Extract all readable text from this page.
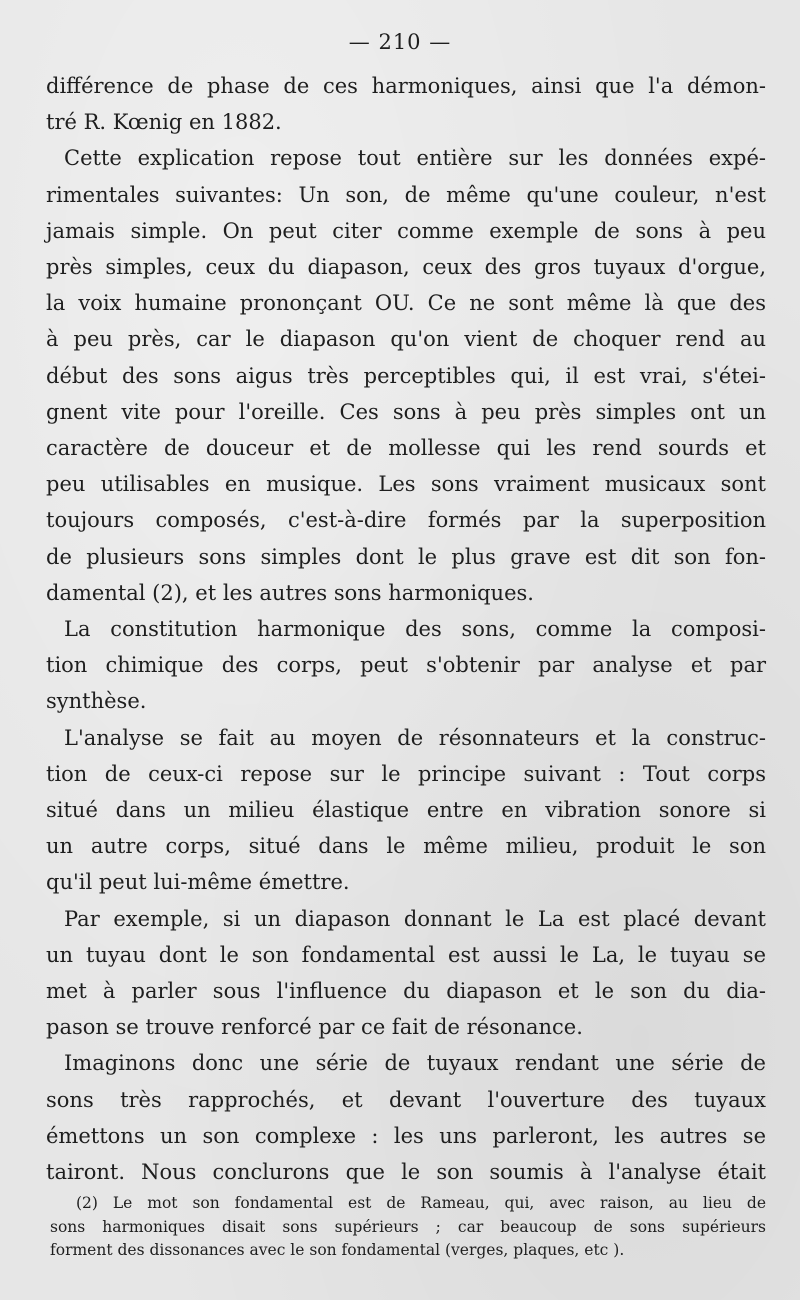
— 210 —

différence de phase de ces harmoniques, ainsi que l'a démon-
tré R. Kœnig en 1882.
Cette explication repose tout entière sur les données expé-
rimentales suivantes: Un son, de même qu'une couleur, n'est
jamais simple. On peut citer comme exemple de sons à peu
près simples, ceux du diapason, ceux des gros tuyaux d'orgue,
la voix humaine prononçant OU. Ce ne sont même là que des
à peu près, car le diapason qu'on vient de choquer rend au
début des sons aigus très perceptibles qui, il est vrai, s'étei-
gnent vite pour l'oreille. Ces sons à peu près simples ont un
caractère de douceur et de mollesse qui les rend sourds et
peu utilisables en musique. Les sons vraiment musicaux sont
toujours composés, c'est-à-dire formés par la superposition
de plusieurs sons simples dont le plus grave est dit son fon-
damental (2), et les autres sons harmoniques.
La constitution harmonique des sons, comme la composi-
tion chimique des corps, peut s'obtenir par analyse et par
synthèse.
L'analyse se fait au moyen de résonnateurs et la construc-
tion de ceux-ci repose sur le principe suivant : Tout corps
situé dans un milieu élastique entre en vibration sonore si
un autre corps, situé dans le même milieu, produit le son
qu'il peut lui-même émettre.
Par exemple, si un diapason donnant le La est placé devant
un tuyau dont le son fondamental est aussi le La, le tuyau se
met à parler sous l'influence du diapason et le son du dia-
pason se trouve renforcé par ce fait de résonance.
Imaginons donc une série de tuyaux rendant une série de
sons très rapprochés, et devant l'ouverture des tuyaux
émettons un son complexe : les uns parleront, les autres se
tairont. Nous conclurons que le son soumis à l'analyse était
(2) Le mot son fondamental est de Rameau, qui, avec raison, au lieu de
sons harmoniques disait sons supérieurs ; car beaucoup de sons supérieurs
forment des dissonances avec le son fondamental (verges, plaques, etc ).
